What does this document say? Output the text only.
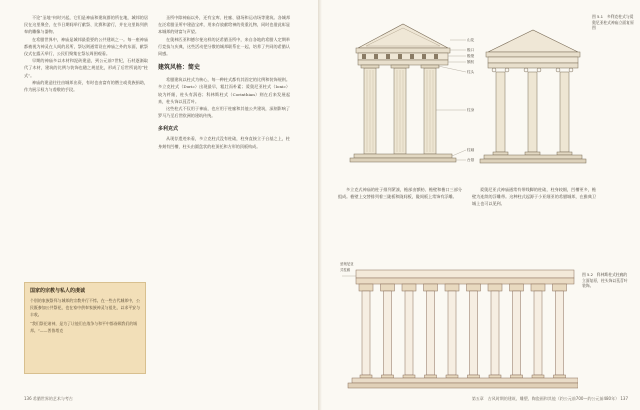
不论“圣地”何时兴起，它们是神庙和建筑群的所在地，城邦的居民在这里聚会，在节日期间举行献祭、比赛和游行，并在这里陈列供奉的雕像与器物。

在希腊世界中，神庙是城邦最重要的公共建筑之一。每一座神庙都被视为神灵在人间的居所，祭坛则通常设在神庙之外的东面，献祭仪式在露天举行，公民们聚集在祭坛周围观看。

早期的神庙多以木材和泥砖建造，到公元前7世纪，石材逐渐取代了木材，建筑的比例与装饰也随之规范化，形成了后世所说的“柱式”。

神庙的建造往往由城邦出资，有时也由富有的僭主或贵族捐助，作为展示权力与虔敬的手段。

国家的宗教与私人的虔诚
个别的家族祭拜与城邦的宗教并行不悖。在一些古代城邦中，公民既参加公共祭祀，也在家中供奉家族神灵与祖先，以求平安与丰收。
“我们祭祀诸神，是为了让他们在战争与和平中都眷顾我们的城邦。”——普鲁塔克

圣所中除神庙以外，还有宝库、柱廊、剧场和运动场等建筑。各城邦在泛希腊圣所中建造宝库，用来存放献给神的贵重礼物，同时也借此彰显本城邦的财富与声望。

在奥林匹亚和德尔斐这样的泛希腊圣所中，来自各地的希腊人定期举行竞技与庆典，这些活动把分散的城邦联系在一起，培养了共同的希腊认同感。

建筑风格：简史

希腊建筑以柱式为核心，每一种柱式都有其固定的比例和装饰规则。多立克柱式（Doric）出现最早，粗壮而朴素；爱奥尼亚柱式（Ionic）较为纤细，柱头有涡卷；科林斯柱式（Corinthian）则在后来发展起来，柱头饰以茛苕叶。

这些柱式不仅用于神庙，也应用于柱廊和其他公共建筑，深刻影响了罗马乃至后世欧洲的建筑传统。

多利克式

从现存遗迹来看，多立克柱式没有柱础，柱身直接立于台基之上，柱身刻有凹槽，柱头由圆盘状的柱顶托和方形的顶板构成。

136 希腊世界的艺术与考古
山花
檐口
檐壁
额枋
柱头
柱身
柱础
台基
图 5.1　多利克柱式与爱奥尼亚柱式神庙立面复原图

多立克式神庙的柱子排列紧凑，檐部由额枋、檐壁和檐口三部分组成。檐壁上交替排列着三陇板和陇间板，陇间板上常饰有浮雕。

爱奥尼亚式神庙通常有带线脚的柱础，柱身较细，凹槽更多，檐壁为连续的浮雕带。这种柱式起源于小亚细亚的希腊城邦，在雅典卫城上也可以见到。

爱奥尼亚式柱廊
图 5.2　科林斯柱式柱廊的立面复原，柱头饰以茛苕叶装饰。
第五章　古风时期的建筑、雕塑、陶瓷画和其他（约公元前700—约公元前480年） 137
